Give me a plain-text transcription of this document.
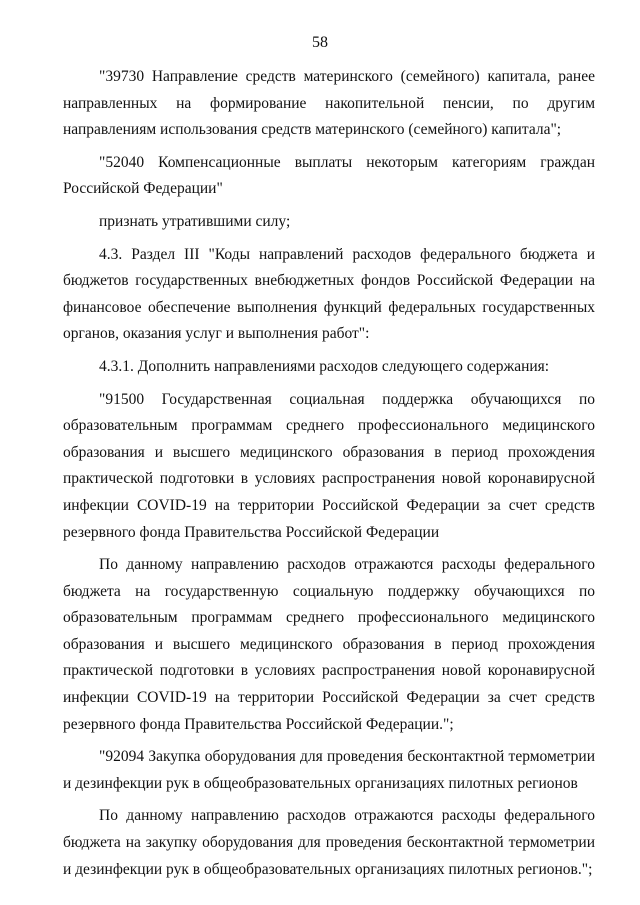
58

"39730 Направление средств материнского (семейного) капитала, ранее направленных на формирование накопительной пенсии, по другим направлениям использования средств материнского (семейного) капитала";

"52040 Компенсационные выплаты некоторым категориям граждан Российской Федерации"

признать утратившими силу;

4.3. Раздел III "Коды направлений расходов федерального бюджета и бюджетов государственных внебюджетных фондов Российской Федерации на финансовое обеспечение выполнения функций федеральных государственных органов, оказания услуг и выполнения работ":

4.3.1. Дополнить направлениями расходов следующего содержания:

"91500 Государственная социальная поддержка обучающихся по образовательным программам среднего профессионального медицинского образования и высшего медицинского образования в период прохождения практической подготовки в условиях распространения новой коронавирусной инфекции COVID-19 на территории Российской Федерации за счет средств резервного фонда Правительства Российской Федерации

По данному направлению расходов отражаются расходы федерального бюджета на государственную социальную поддержку обучающихся по образовательным программам среднего профессионального медицинского образования и высшего медицинского образования в период прохождения практической подготовки в условиях распространения новой коронавирусной инфекции COVID-19 на территории Российской Федерации за счет средств резервного фонда Правительства Российской Федерации.";

"92094 Закупка оборудования для проведения бесконтактной термометрии и дезинфекции рук в общеобразовательных организациях пилотных регионов

По данному направлению расходов отражаются расходы федерального бюджета на закупку оборудования для проведения бесконтактной термометрии и дезинфекции рук в общеобразовательных организациях пилотных регионов.";
